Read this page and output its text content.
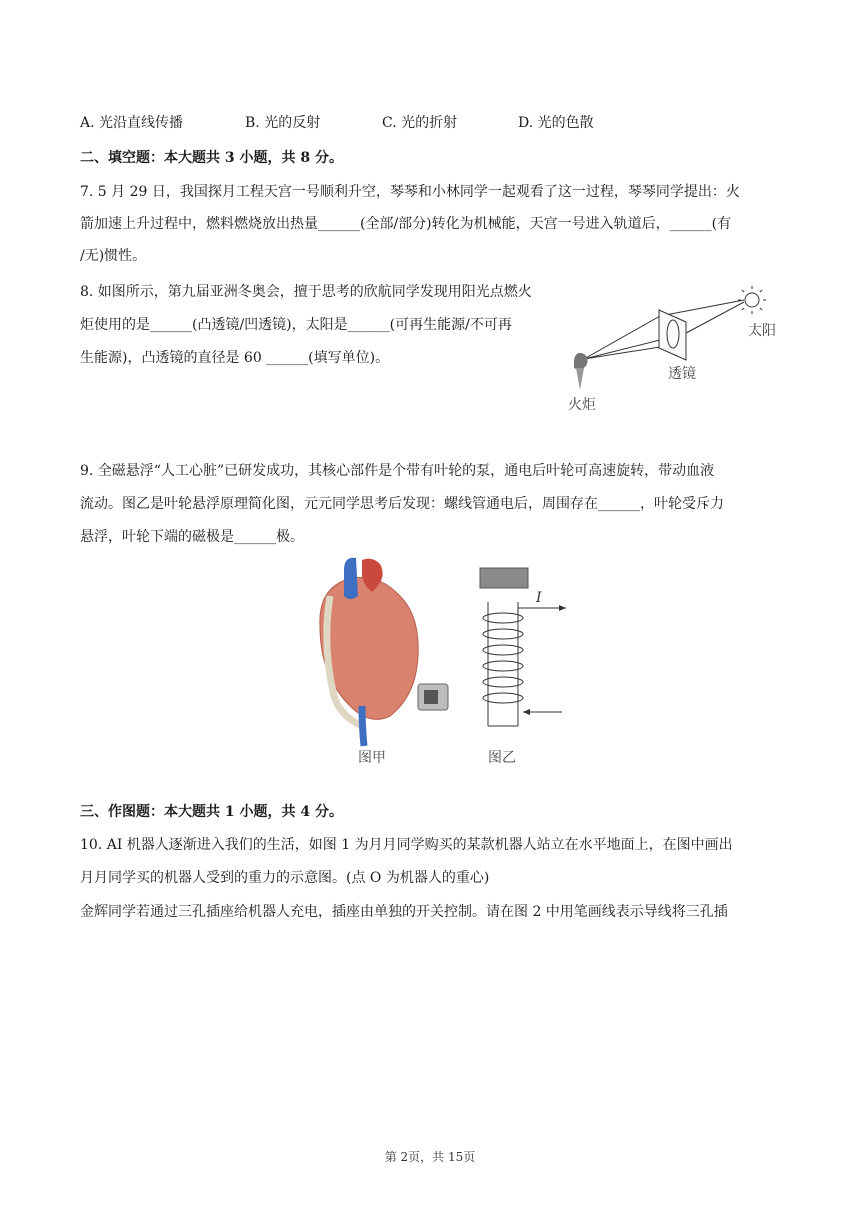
A. 光沿直线传播	B. 光的反射	C. 光的折射	D. 光的色散
二、填空题：本大题共 3 小题，共 8 分。
7. 5 月 29 日，我国探月工程天宫一号顺利升空，琴琴和小林同学一起观看了这一过程，琴琴同学提出：火
箭加速上升过程中，燃料燃烧放出热量______(全部/部分)转化为机械能，天宫一号进入轨道后，______(有
/无)惯性。
8. 如图所示，第九届亚洲冬奥会，擅于思考的欣航同学发现用阳光点燃火
炬使用的是______(凸透镜/凹透镜)，太阳是______(可再生能源/不可再
生能源)，凸透镜的直径是 60 ______(填写单位)。
太阳
透镜
火炬
9. 全磁悬浮“人工心脏”已研发成功，其核心部件是个带有叶轮的泵，通电后叶轮可高速旋转，带动血液
流动。图乙是叶轮悬浮原理简化图，元元同学思考后发现：螺线管通电后，周围存在______，叶轮受斥力
悬浮，叶轮下端的磁极是______极。
I
图甲	图乙
三、作图题：本大题共 1 小题，共 4 分。
10. AI 机器人逐渐进入我们的生活，如图 1 为月月同学购买的某款机器人站立在水平地面上，在图中画出
月月同学买的机器人受到的重力的示意图。(点 O 为机器人的重心)
金辉同学若通过三孔插座给机器人充电，插座由单独的开关控制。请在图 2 中用笔画线表示导线将三孔插
第 2页，共 15页
